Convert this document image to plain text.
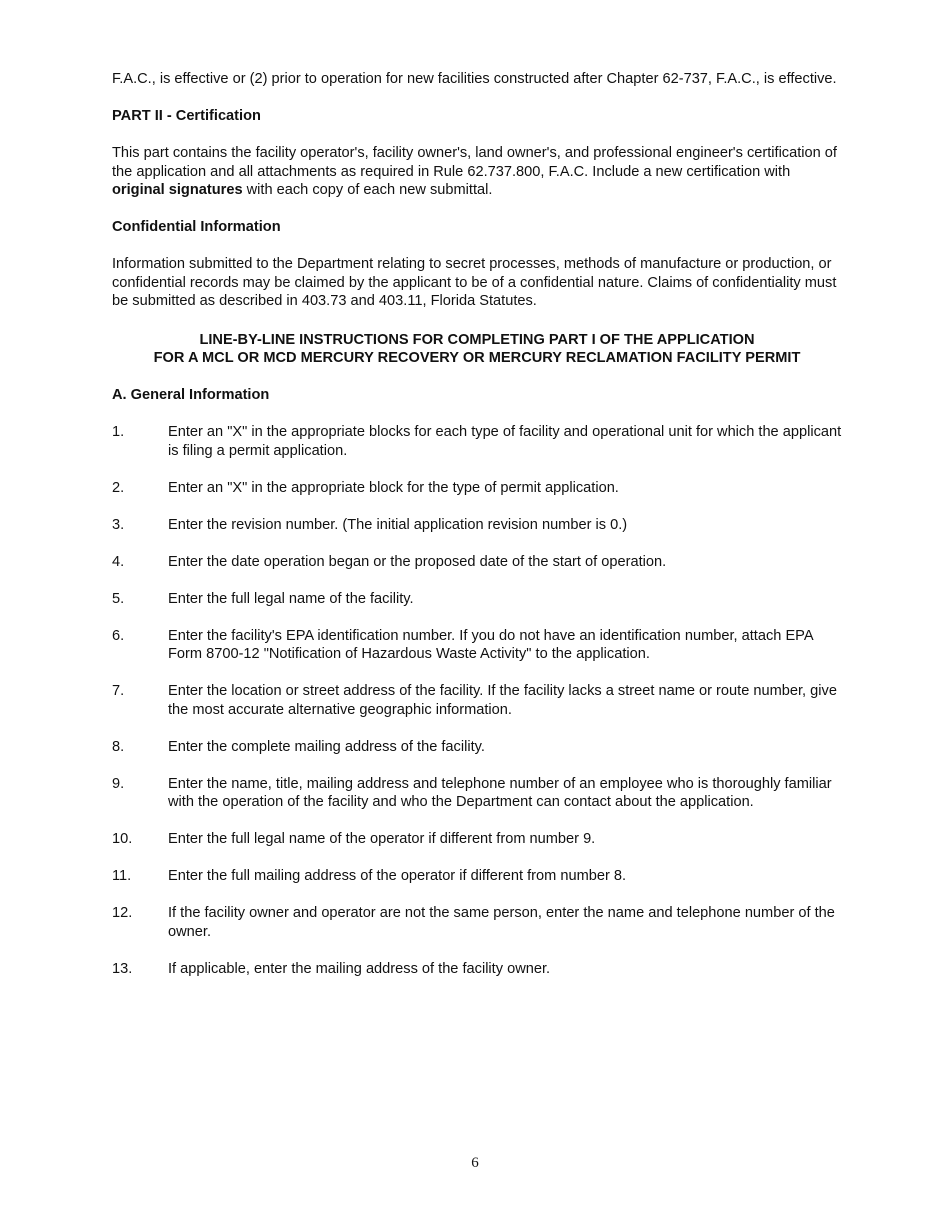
F.A.C., is effective or (2) prior to operation for new facilities constructed after Chapter 62-737, F.A.C., is effective.

PART II - Certification

This part contains the facility operator's, facility owner's, land owner's, and professional engineer's certification of the application and all attachments as required in Rule 62.737.800, F.A.C. Include a new certification with original signatures with each copy of each new submittal.

Confidential Information

Information submitted to the Department relating to secret processes, methods of manufacture or production, or confidential records may be claimed by the applicant to be of a confidential nature. Claims of confidentiality must be submitted as described in 403.73 and 403.11, Florida Statutes.

LINE-BY-LINE INSTRUCTIONS FOR COMPLETING PART I OF THE APPLICATION
FOR A MCL OR MCD MERCURY RECOVERY OR MERCURY RECLAMATION FACILITY PERMIT

A. General Information

1.	Enter an "X" in the appropriate blocks for each type of facility and operational unit for which the applicant is filing a permit application.
2.	Enter an "X" in the appropriate block for the type of permit application.
3.	Enter the revision number. (The initial application revision number is 0.)
4.	Enter the date operation began or the proposed date of the start of operation.
5.	Enter the full legal name of the facility.
6.	Enter the facility's EPA identification number. If you do not have an identification number, attach EPA Form 8700-12 "Notification of Hazardous Waste Activity" to the application.
7.	Enter the location or street address of the facility. If the facility lacks a street name or route number, give the most accurate alternative geographic information.
8.	Enter the complete mailing address of the facility.
9.	Enter the name, title, mailing address and telephone number of an employee who is thoroughly familiar with the operation of the facility and who the Department can contact about the application.
10.	Enter the full legal name of the operator if different from number 9.
11.	Enter the full mailing address of the operator if different from number 8.
12.	If the facility owner and operator are not the same person, enter the name and telephone number of the owner.
13.	If applicable, enter the mailing address of the facility owner.
6
